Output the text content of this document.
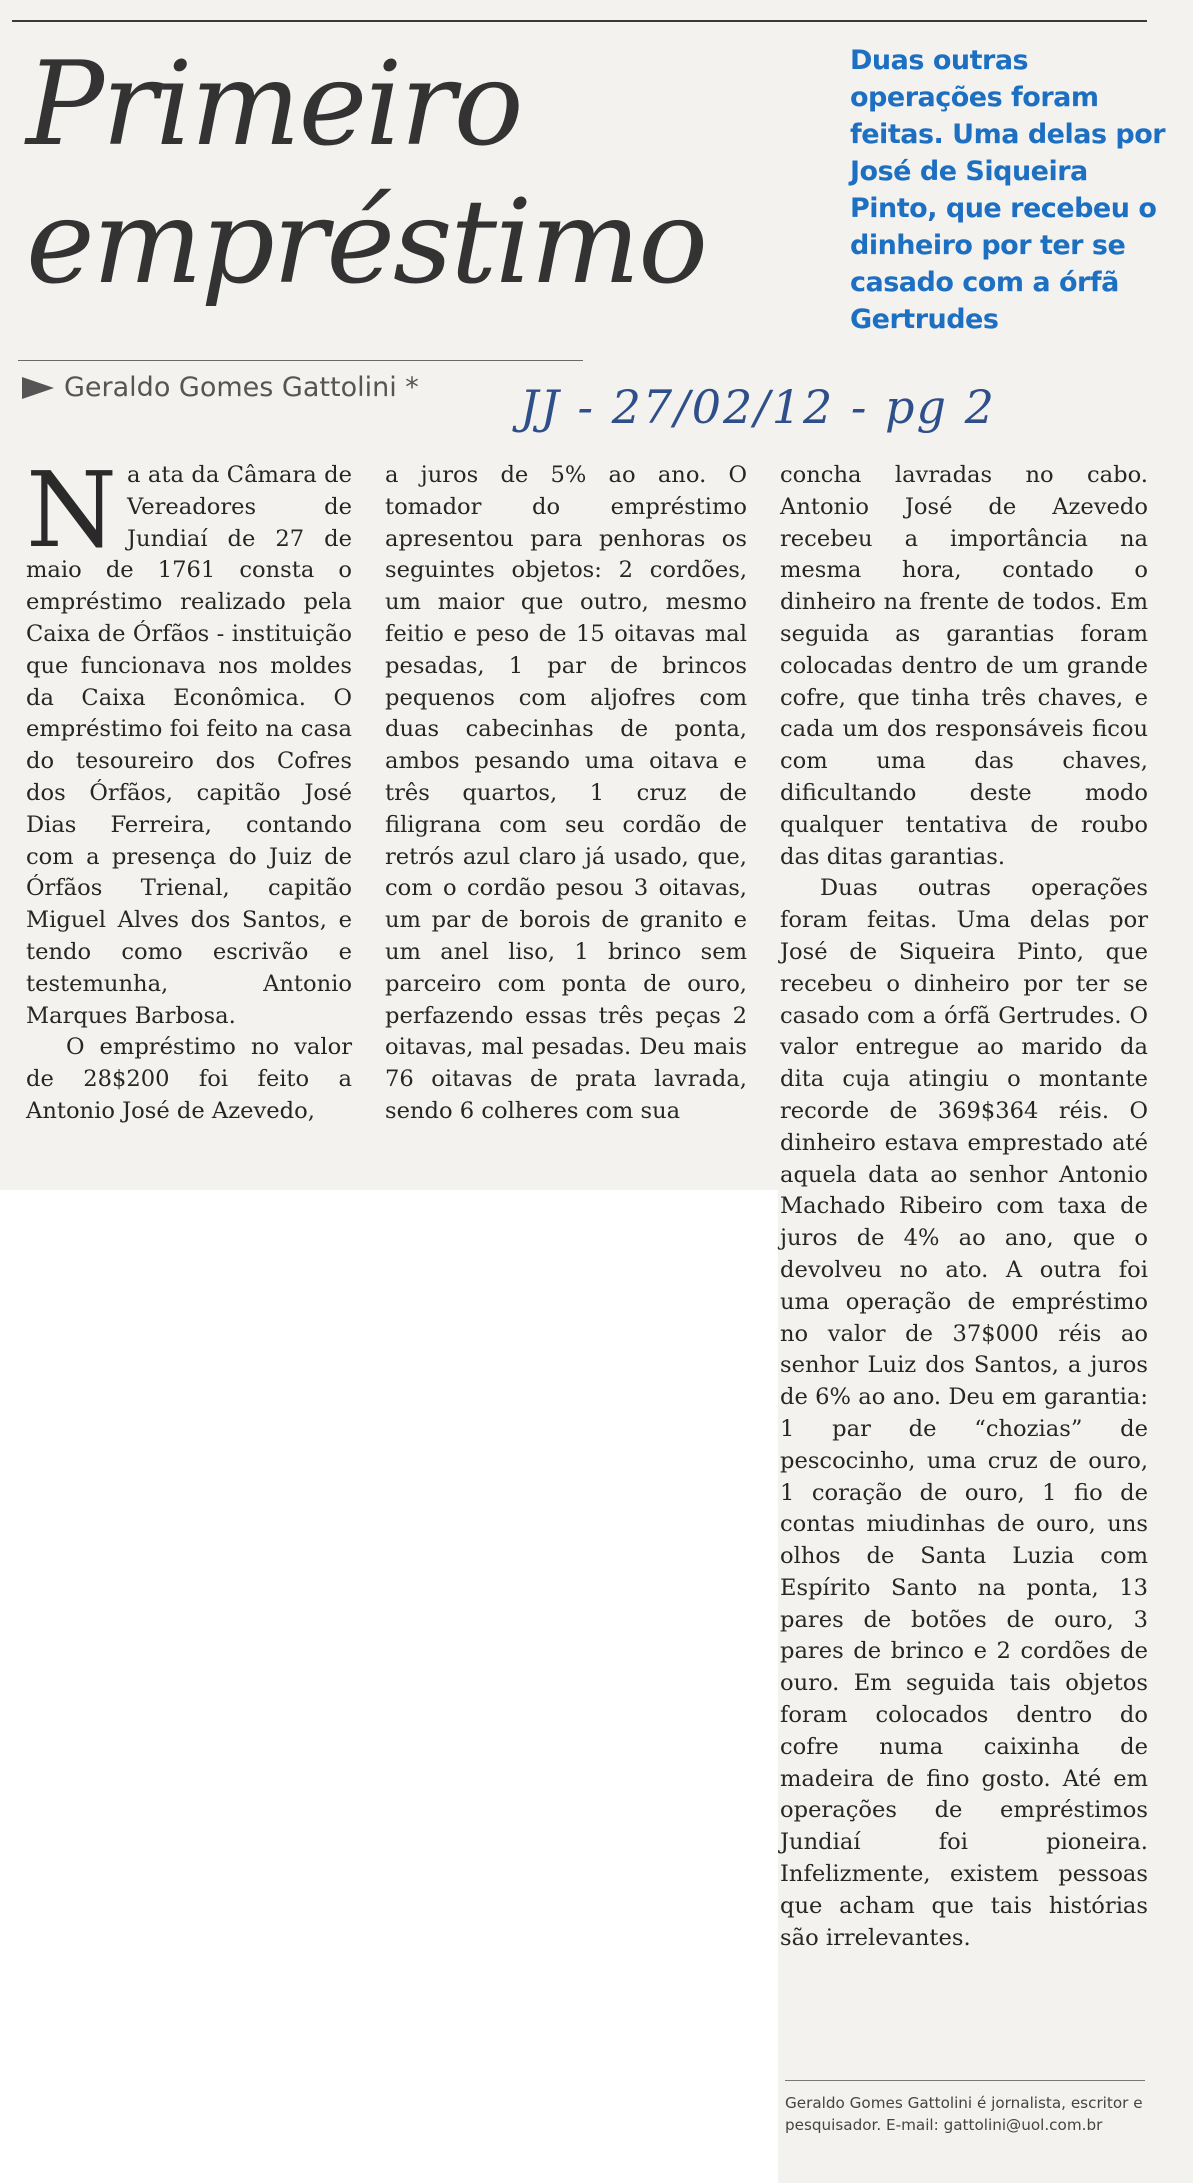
Primeiro
empréstimo
Duas outras operações foram feitas. Uma delas por José de Siqueira Pinto, que recebeu o dinheiro por ter se casado com a órfã Gertrudes
Geraldo Gomes Gattolini * JJ - 27/02/12 - pg 2

Na ata da Câmara de Vereadores de Jundiaí de 27 de maio de 1761 consta o empréstimo realizado pela Caixa de Órfãos - instituição que funcionava nos moldes da Caixa Econômica. O empréstimo foi feito na casa do tesoureiro dos Cofres dos Órfãos, capitão José Dias Ferreira, contando com a presença do Juiz de Órfãos Trienal, capitão Miguel Alves dos Santos, e tendo como escrivão e testemunha, Antonio Marques Barbosa.

O empréstimo no valor de 28$200 foi feito a Antonio José de Azevedo,

a juros de 5% ao ano. O tomador do empréstimo apresentou para penhoras os seguintes objetos: 2 cordões, um maior que outro, mesmo feitio e peso de 15 oitavas mal pesadas, 1 par de brincos pequenos com aljofres com duas cabecinhas de ponta, ambos pesando uma oitava e três quartos, 1 cruz de filigrana com seu cordão de retrós azul claro já usado, que, com o cordão pesou 3 oitavas, um par de borois de granito e um anel liso, 1 brinco sem parceiro com ponta de ouro, perfazendo essas três peças 2 oitavas, mal pesadas. Deu mais 76 oitavas de prata lavrada, sendo 6 colheres com sua

concha lavradas no cabo. Antonio José de Azevedo recebeu a importância na mesma hora, contado o dinheiro na frente de todos. Em seguida as garantias foram colocadas dentro de um grande cofre, que tinha três chaves, e cada um dos responsáveis ficou com uma das chaves, dificultando deste modo qualquer tentativa de roubo das ditas garantias.

Duas outras operações foram feitas. Uma delas por José de Siqueira Pinto, que recebeu o dinheiro por ter se casado com a órfã Gertrudes. O valor entregue ao marido da dita cuja atingiu o montante recorde de 369$364 réis. O dinheiro estava emprestado até aquela data ao senhor Antonio Machado Ribeiro com taxa de juros de 4% ao ano, que o devolveu no ato. A outra foi uma operação de empréstimo no valor de 37$000 réis ao senhor Luiz dos Santos, a juros de 6% ao ano. Deu em garantia: 1 par de “chozias” de pescocinho, uma cruz de ouro, 1 coração de ouro, 1 fio de contas miudinhas de ouro, uns olhos de Santa Luzia com Espírito Santo na ponta, 13 pares de botões de ouro, 3 pares de brinco e 2 cordões de ouro. Em seguida tais objetos foram colocados dentro do cofre numa caixinha de madeira de fino gosto. Até em operações de empréstimos Jundiaí foi pioneira. Infelizmente, existem pessoas que acham que tais histórias são irrelevantes.

Geraldo Gomes Gattolini é jornalista, escritor e pesquisador. E-mail: gattolini@uol.com.br
